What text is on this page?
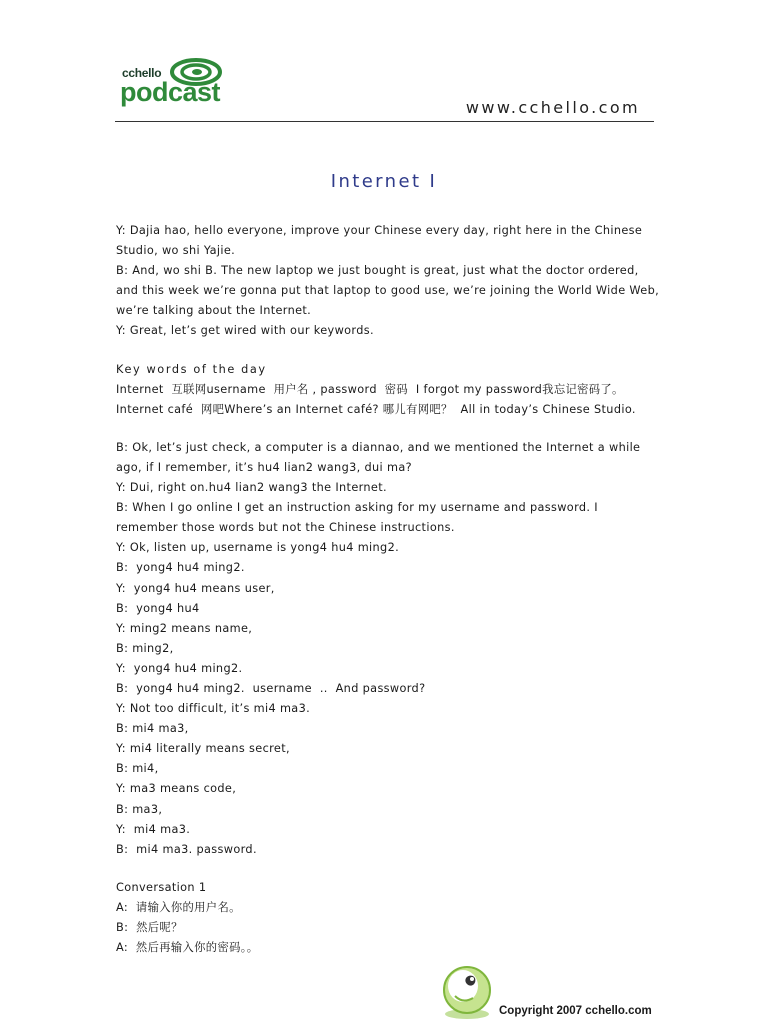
cchello
podcast
www.cchello.com
Internet I

Y: Dajia hao, hello everyone, improve your Chinese every day, right here in the Chinese Studio, wo shi Yajie.

B: And, wo shi B. The new laptop we just bought is great, just what the doctor ordered, and this week we’re gonna put that laptop to good use, we’re joining the World Wide Web, we’re talking about the Internet.

Y: Great, let’s get wired with our keywords.

Key words of the day

Internet  互联网username  用户名 , password  密码  I forgot my password我忘记密码了。Internet café  网吧Where’s an Internet café? 哪儿有网吧？  All in today’s Chinese Studio.

B: Ok, let’s just check, a computer is a diannao, and we mentioned the Internet a while ago, if I remember, it’s hu4 lian2 wang3, dui ma?

Y: Dui, right on.hu4 lian2 wang3 the Internet.

B: When I go online I get an instruction asking for my username and password. I remember those words but not the Chinese instructions.

Y: Ok, listen up, username is yong4 hu4 ming2.

B:  yong4 hu4 ming2.

Y:  yong4 hu4 means user,

B:  yong4 hu4

Y: ming2 means name,

B: ming2,

Y:  yong4 hu4 ming2.

B:  yong4 hu4 ming2.  username  ..  And password?

Y: Not too difficult, it’s mi4 ma3.

B: mi4 ma3,

Y: mi4 literally means secret,

B: mi4,

Y: ma3 means code,

B: ma3,

Y:  mi4 ma3.

B:  mi4 ma3. password.

Conversation 1

A:  请输入你的用户名。

B:  然后呢？

A:  然后再输入你的密码。。

Copyright 2007 cchello.com
